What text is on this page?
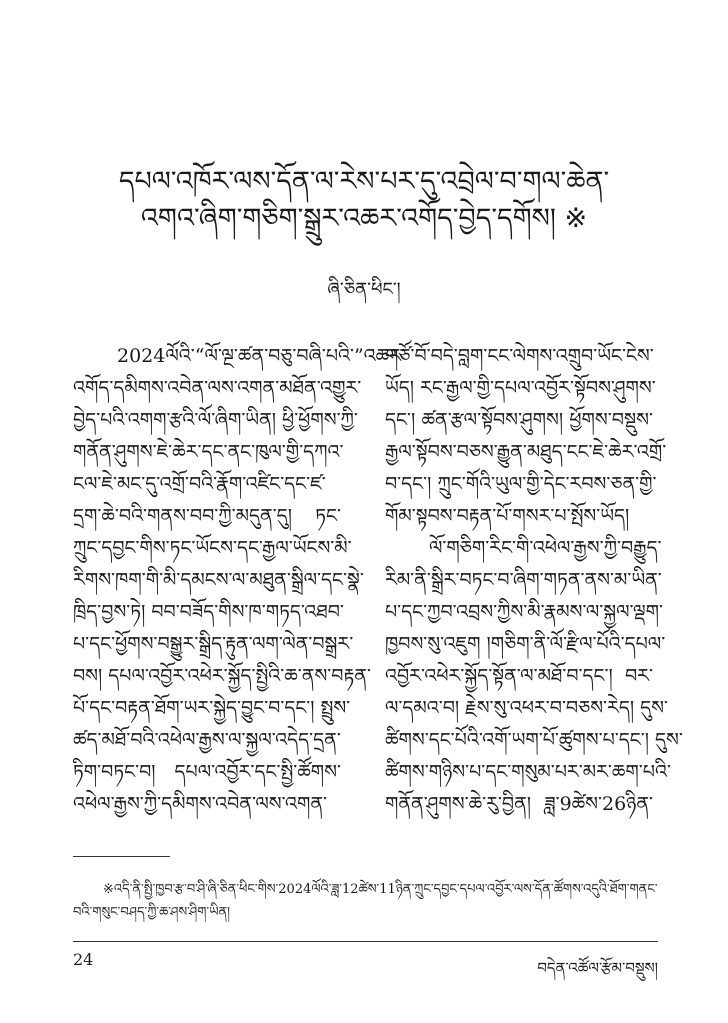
དཔལ་འཁོར་ལས་དོན་ལ་རེས་པར་དུ་འབྲེལ་བ་གལ་ཆེན་
འགའ་ཞིག་གཅིག་སྒྲུར་འཆར་འགོད་བྱེད་དགོས། ※
ཞི་ཅིན་ཕིང་།
2024ལོའི་“ལོ་ལྔ་ཚན་བཅུ་བཞི་པའི་”འཆར་
འགོད་དམིགས་འབེན་ལས་འགན་མཐོན་འགྱུར་
བྱེད་པའི་འགག་རྩའི་ལོ་ཞིག་ཡིན། ཕྱི་ཕྱོགས་ཀྱི་
གནོན་ཤུགས་ཇེ་ཆེར་དང་ནང་ཁུལ་གྱི་དཀའ་
ངལ་ཇེ་མང་དུ་འགྲོ་བའི་རྣོག་འཛིང་དང་ཛ་
དྲག་ཆེ་བའི་གནས་བབ་ཀྱི་མདུན་དུ། ཏང་
ཀྲུང་དབྱང་གིས་ཏང་ཡོངས་དང་རྒྱལ་ཡོངས་མི་
རིགས་ཁག་གི་མི་དམངས་ལ་མཐུན་སྒྲིལ་དང་སྣེ་
ཁྲིད་བྱས་ཏེ། བབ་བཟོད་གིས་ཁ་གཏད་འཐབ་
པ་དང་ཕྱོགས་བསྒྱུར་སྒྲིད་རྟུན་ལག་ལེན་བསྒྲར་
བས། དཔལ་འབྱོར་འཕེར་སྐྱོད་སྤྱིའི་ཆ་ནས་བརྟན་
པོ་དང་བརྟན་ཐོག་ཡར་སྐྱེད་བྱུང་བ་དང་། སྤྲུས་
ཚད་མཐོ་བའི་འཕེལ་རྒྱས་ལ་སྐྱལ་འདེད་དྲན་
ཏིག་བཏང་བ། དཔལ་འབྱོར་དང་སྤྱི་ཚོགས་
འཕེལ་རྒྱས་ཀྱི་དམིགས་འབེན་ལས་འགན་
གཙོ་བོ་བདེ་བླག་ངང་ལེགས་འགྲུབ་ཡོང་ངེས་
ཡོད། རང་རྒྱལ་གྱི་དཔལ་འབྱོར་སྟོབས་ཤུགས་
དང་། ཚན་རྩལ་སྟོབས་ཤུགས། ཕྱོགས་བསྡུས་
རྒྱལ་སྟོབས་བཅས་རྒྱུན་མཐུད་ངང་ཇེ་ཆེར་འགྲོ་
བ་དང་། ཀྲུང་གོའི་ཡུལ་གྱི་དེང་རབས་ཅན་གྱི་
གོམ་སྟབས་བརྟན་པོ་གསར་པ་སྤོས་ཡོད།
ལོ་གཅིག་རིང་གི་འཕེལ་རྒྱས་ཀྱི་བརྒྱུད་
རིམ་ནི་སྒྲིར་བཏང་བ་ཞིག་གཏན་ནས་མ་ཡིན་
པ་དང་ཀྱབ་འབྲས་ཀྱིས་མི་རྣམས་ལ་སྐྱལ་ལྡག་
ཁྱབས་སུ་འཇུག །གཅིག་ནི་ལོ་རྫིལ་པོའི་དཔལ་
འབྱོར་འཕེར་སྐྱོད་སྟོན་ལ་མཐོ་བ་དང་། བར་
ལ་དམའ་བ། རྗེས་སུ་འཕར་བ་བཅས་རེད། དུས་
ཚིགས་དང་པོའི་འགོ་ཡག་པོ་ཚུགས་པ་དང་། དུས་
ཚིགས་གཉིས་པ་དང་གསུམ་པར་མར་ཆག་པའི་
གནོན་ཤུགས་ཆེ་རུ་བྱིན། ཟླ་9ཚེས་26ཉིན་
※འདི་ནི་སྤྱི་ཁྱབ་རྩ་བ་ཤི་ཞི་ཅིན་ཕིང་གིས་2024ལོའི་ཟླ་12ཚེས་11ཉིན་ཀྲུང་དབྱང་དཔལ་འབྱོར་ལས་དོན་ཚོགས་འདུའི་ཐོག་གནང་
བའི་གསུང་བཤད་ཀྱི་ཆ་ཤས་ཤིག་ཡིན།
24	བདེན་འཚོལ་རྩོམ་བསྡུས།
